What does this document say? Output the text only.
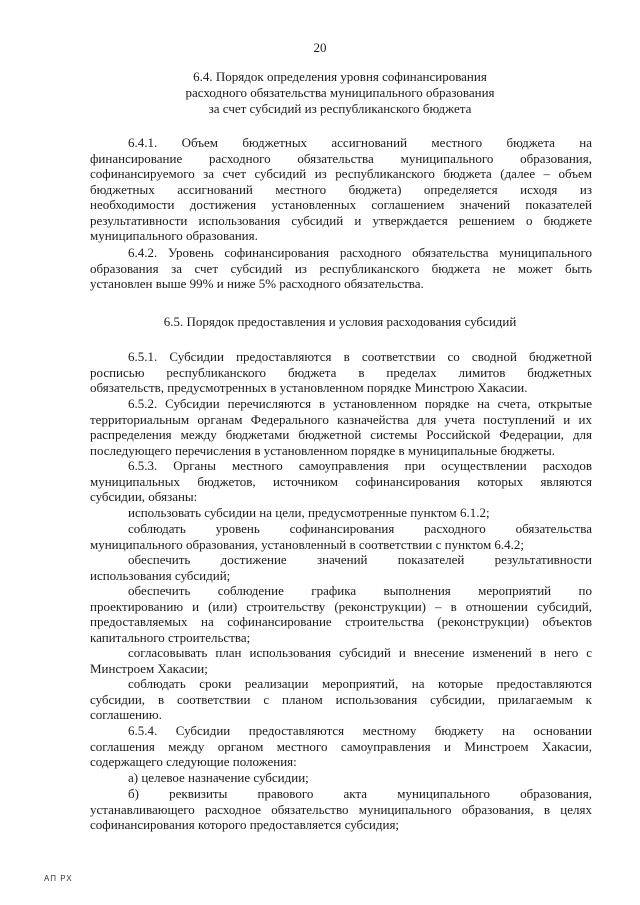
20
6.4. Порядок определения уровня софинансирования
расходного обязательства муниципального образования
за счет субсидий из республиканского бюджета
6.4.1. Объем бюджетных ассигнований местного бюджета на
финансирование расходного обязательства муниципального образования,
софинансируемого за счет субсидий из республиканского бюджета (далее – объем
бюджетных ассигнований местного бюджета) определяется исходя из
необходимости достижения установленных соглашением значений показателей
результативности использования субсидий и утверждается решением о бюджете
муниципального образования.
6.4.2. Уровень софинансирования расходного обязательства муниципального
образования за счет субсидий из республиканского бюджета не может быть
установлен выше 99% и ниже 5% расходного обязательства.
6.5. Порядок предоставления и условия расходования субсидий
6.5.1. Субсидии предоставляются в соответствии со сводной бюджетной
росписью республиканского бюджета в пределах лимитов бюджетных
обязательств, предусмотренных в установленном порядке Минстрою Хакасии.
6.5.2. Субсидии перечисляются в установленном порядке на счета, открытые
территориальным органам Федерального казначейства для учета поступлений и их
распределения между бюджетами бюджетной системы Российской Федерации, для
последующего перечисления в установленном порядке в муниципальные бюджеты.
6.5.3. Органы местного самоуправления при осуществлении расходов
муниципальных бюджетов, источником софинансирования которых являются
субсидии, обязаны:
использовать субсидии на цели, предусмотренные пунктом 6.1.2;
соблюдать уровень софинансирования расходного обязательства
муниципального образования, установленный в соответствии с пунктом 6.4.2;
обеспечить достижение значений показателей результативности
использования субсидий;
обеспечить соблюдение графика выполнения мероприятий по
проектированию и (или) строительству (реконструкции) – в отношении субсидий,
предоставляемых на софинансирование строительства (реконструкции) объектов
капитального строительства;
согласовывать план использования субсидий и внесение изменений в него с
Минстроем Хакасии;
соблюдать сроки реализации мероприятий, на которые предоставляются
субсидии, в соответствии с планом использования субсидии, прилагаемым к
соглашению.
6.5.4. Субсидии предоставляются местному бюджету на основании
соглашения между органом местного самоуправления и Минстроем Хакасии,
содержащего следующие положения:
а) целевое назначение субсидии;
б) реквизиты правового акта муниципального образования,
устанавливающего расходное обязательство муниципального образования, в целях
софинансирования которого предоставляется субсидия;
АП РХ
